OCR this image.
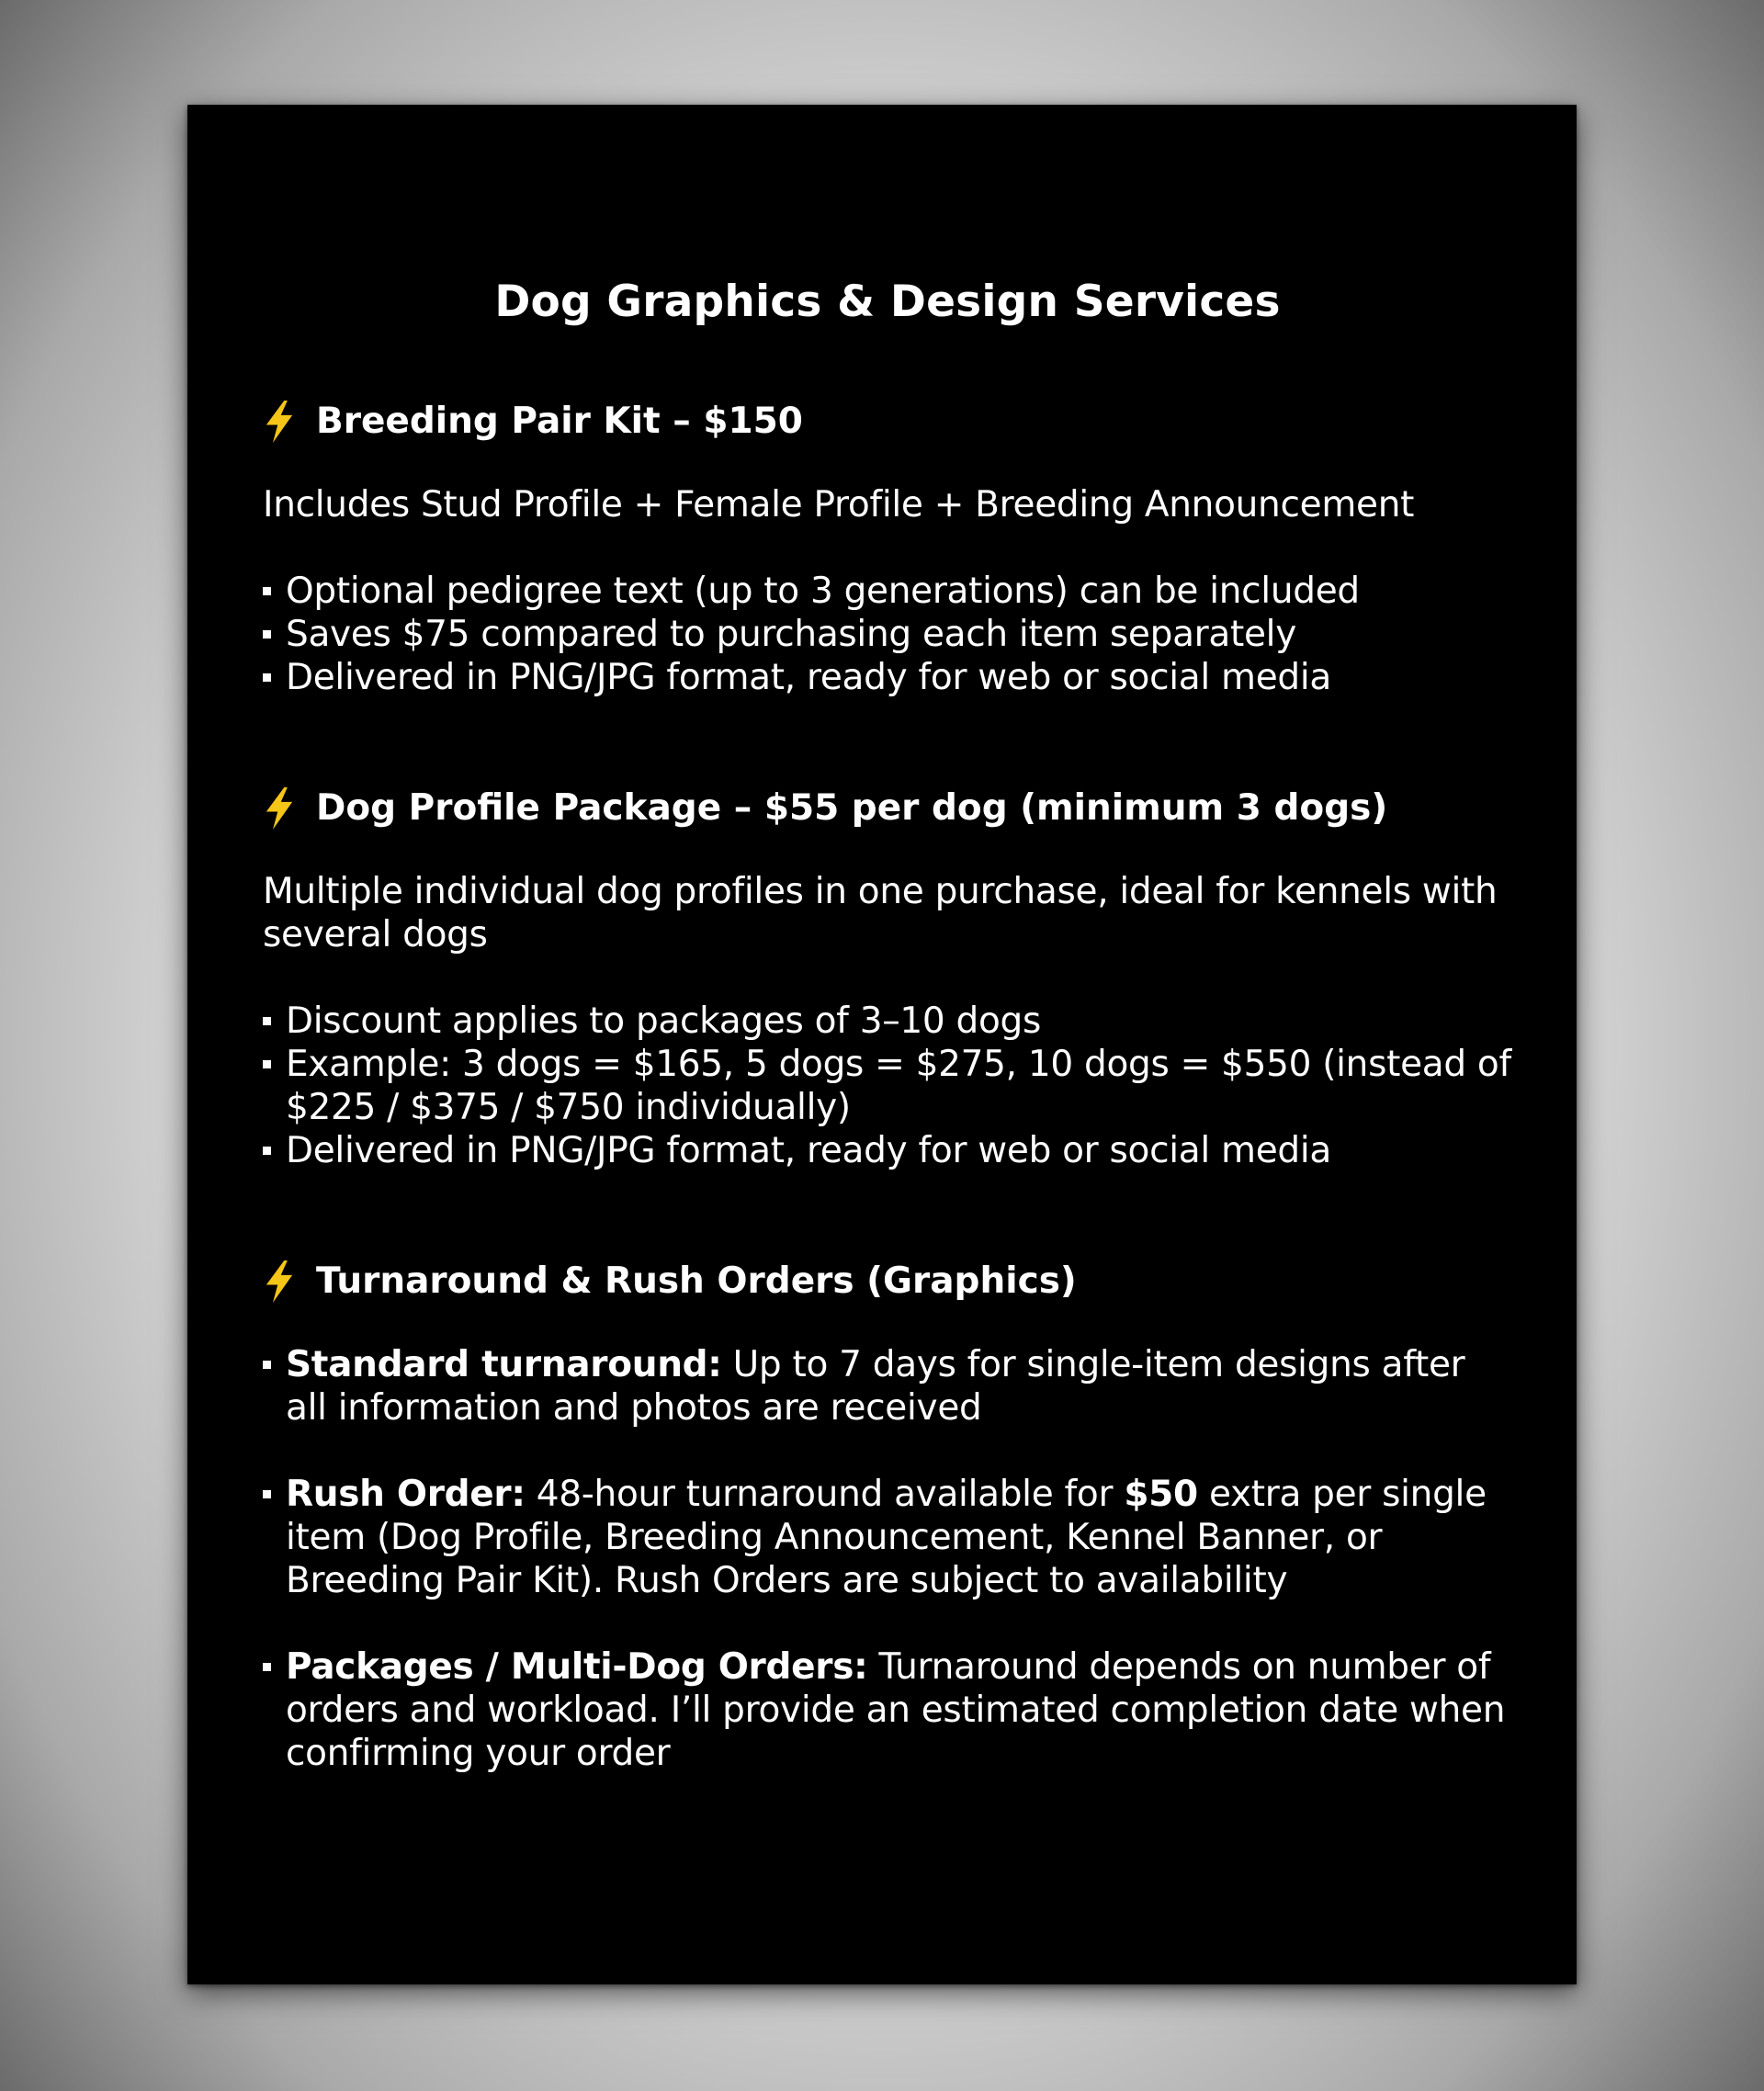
Dog Graphics & Design Services
Breeding Pair Kit – $150
Includes Stud Profile + Female Profile + Breeding Announcement
Optional pedigree text (up to 3 generations) can be included
Saves $75 compared to purchasing each item separately
Delivered in PNG/JPG format, ready for web or social media
Dog Profile Package – $55 per dog (minimum 3 dogs)
Multiple individual dog profiles in one purchase, ideal for kennels with several dogs
Discount applies to packages of 3–10 dogs
Example: 3 dogs = $165, 5 dogs = $275, 10 dogs = $550 (instead of $225 / $375 / $750 individually)
Delivered in PNG/JPG format, ready for web or social media
Turnaround & Rush Orders (Graphics)
Standard turnaround: Up to 7 days for single-item designs after all information and photos are received
Rush Order: 48-hour turnaround available for $50 extra per single item (Dog Profile, Breeding Announcement, Kennel Banner, or Breeding Pair Kit). Rush Orders are subject to availability
Packages / Multi-Dog Orders: Turnaround depends on number of orders and workload. I’ll provide an estimated completion date when confirming your order
